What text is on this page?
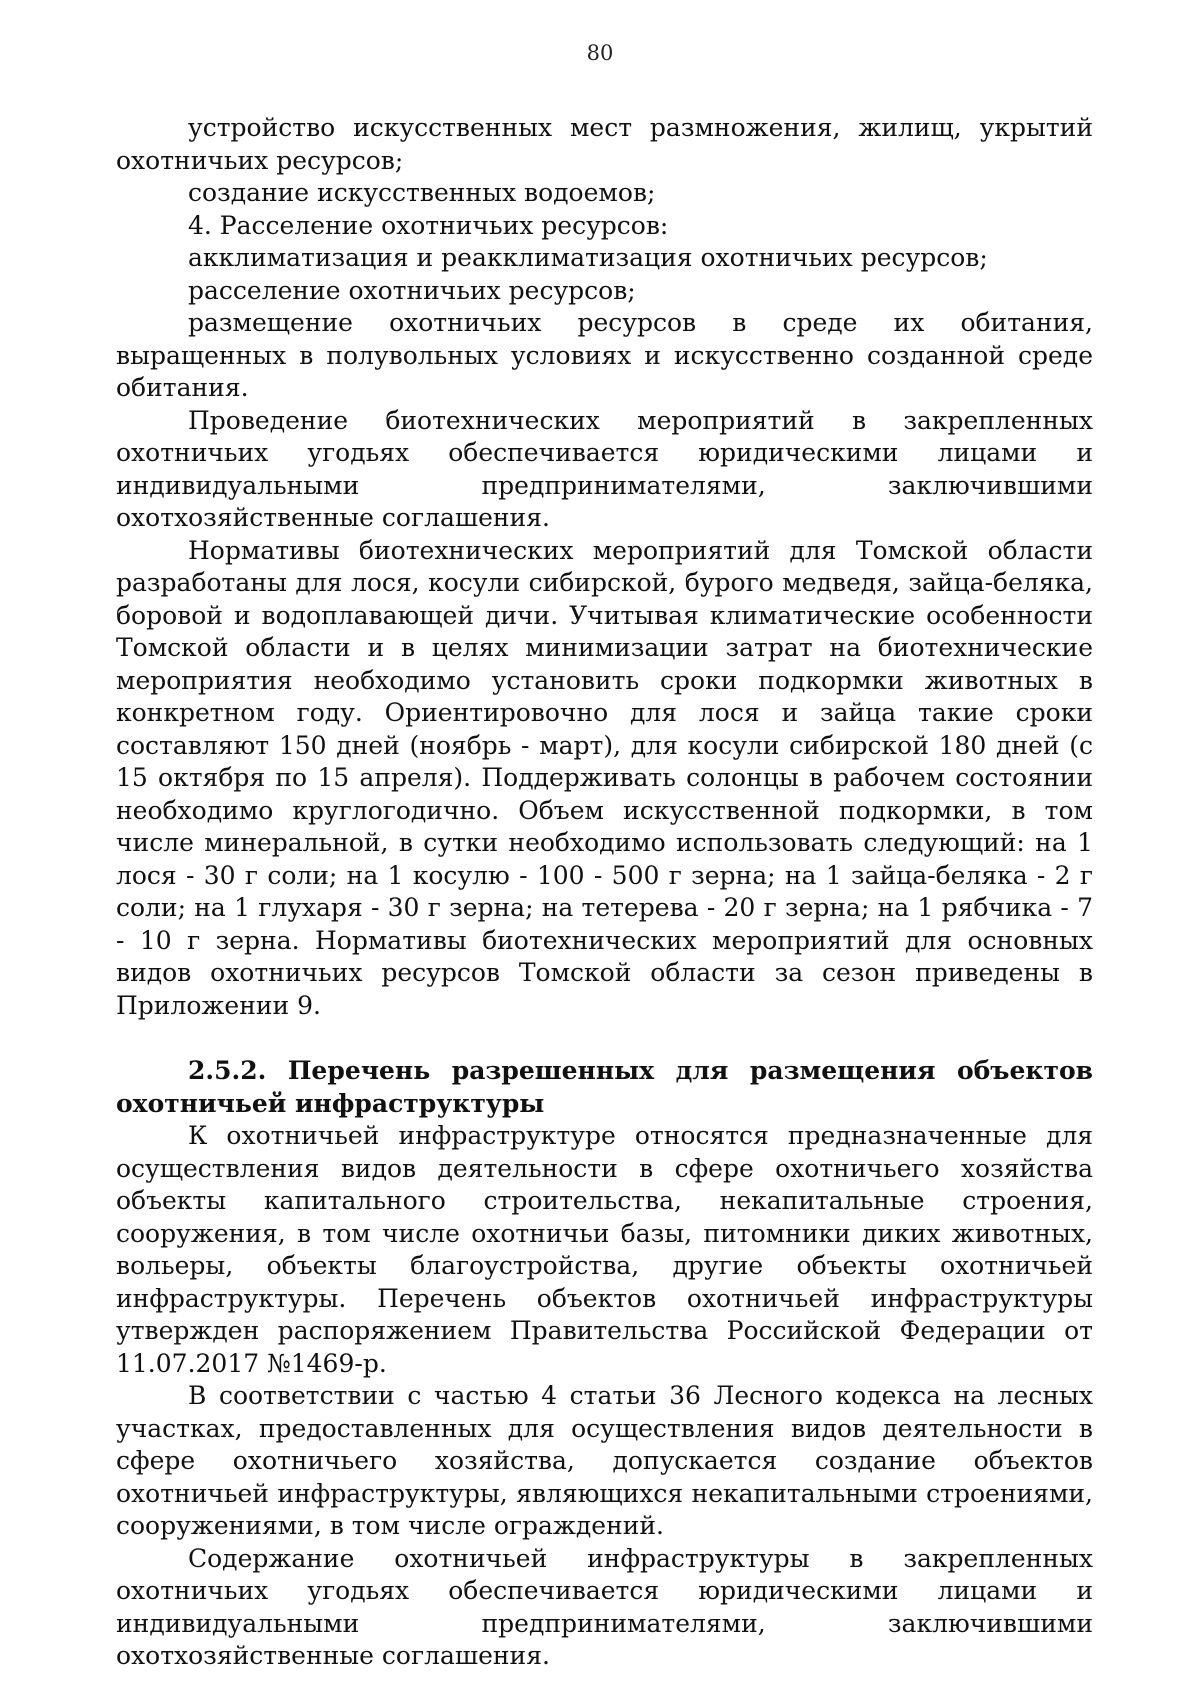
80

устройство искусственных мест размножения, жилищ, укрытий охотничьих ресурсов;

создание искусственных водоемов;

4. Расселение охотничьих ресурсов:

акклиматизация и реакклиматизация охотничьих ресурсов;

расселение охотничьих ресурсов;

размещение охотничьих ресурсов в среде их обитания, выращенных в полувольных условиях и искусственно созданной среде обитания.

Проведение биотехнических мероприятий в закрепленных охотничьих угодьях обеспечивается юридическими лицами и индивидуальными предпринимателями, заключившими охотхозяйственные соглашения.

Нормативы биотехнических мероприятий для Томской области разработаны для лося, косули сибирской, бурого медведя, зайца-беляка, боровой и водоплавающей дичи. Учитывая климатические особенности Томской области и в целях минимизации затрат на биотехнические мероприятия необходимо установить сроки подкормки животных в конкретном году. Ориентировочно для лося и зайца такие сроки составляют 150 дней (ноябрь - март), для косули сибирской 180 дней (с 15 октября по 15 апреля). Поддерживать солонцы в рабочем состоянии необходимо круглогодично. Объем искусственной подкормки, в том числе минеральной, в сутки необходимо использовать следующий: на 1 лося - 30 г соли; на 1 косулю - 100 - 500 г зерна; на 1 зайца-беляка - 2 г соли; на 1 глухаря - 30 г зерна; на тетерева - 20 г зерна; на 1 рябчика - 7 - 10 г зерна. Нормативы биотехнических мероприятий для основных видов охотничьих ресурсов Томской области за сезон приведены в Приложении 9.

2.5.2. Перечень разрешенных для размещения объектов охотничьей инфраструктуры

К охотничьей инфраструктуре относятся предназначенные для осуществления видов деятельности в сфере охотничьего хозяйства объекты капитального строительства, некапитальные строения, сооружения, в том числе охотничьи базы, питомники диких животных, вольеры, объекты благоустройства, другие объекты охотничьей инфраструктуры. Перечень объектов охотничьей инфраструктуры утвержден распоряжением Правительства Российской Федерации от 11.07.2017 №1469-р.

В соответствии с частью 4 статьи 36 Лесного кодекса на лесных участках, предоставленных для осуществления видов деятельности в сфере охотничьего хозяйства, допускается создание объектов охотничьей инфраструктуры, являющихся некапитальными строениями, сооружениями, в том числе ограждений.

Содержание охотничьей инфраструктуры в закрепленных охотничьих угодьях обеспечивается юридическими лицами и индивидуальными предпринимателями, заключившими охотхозяйственные соглашения.
